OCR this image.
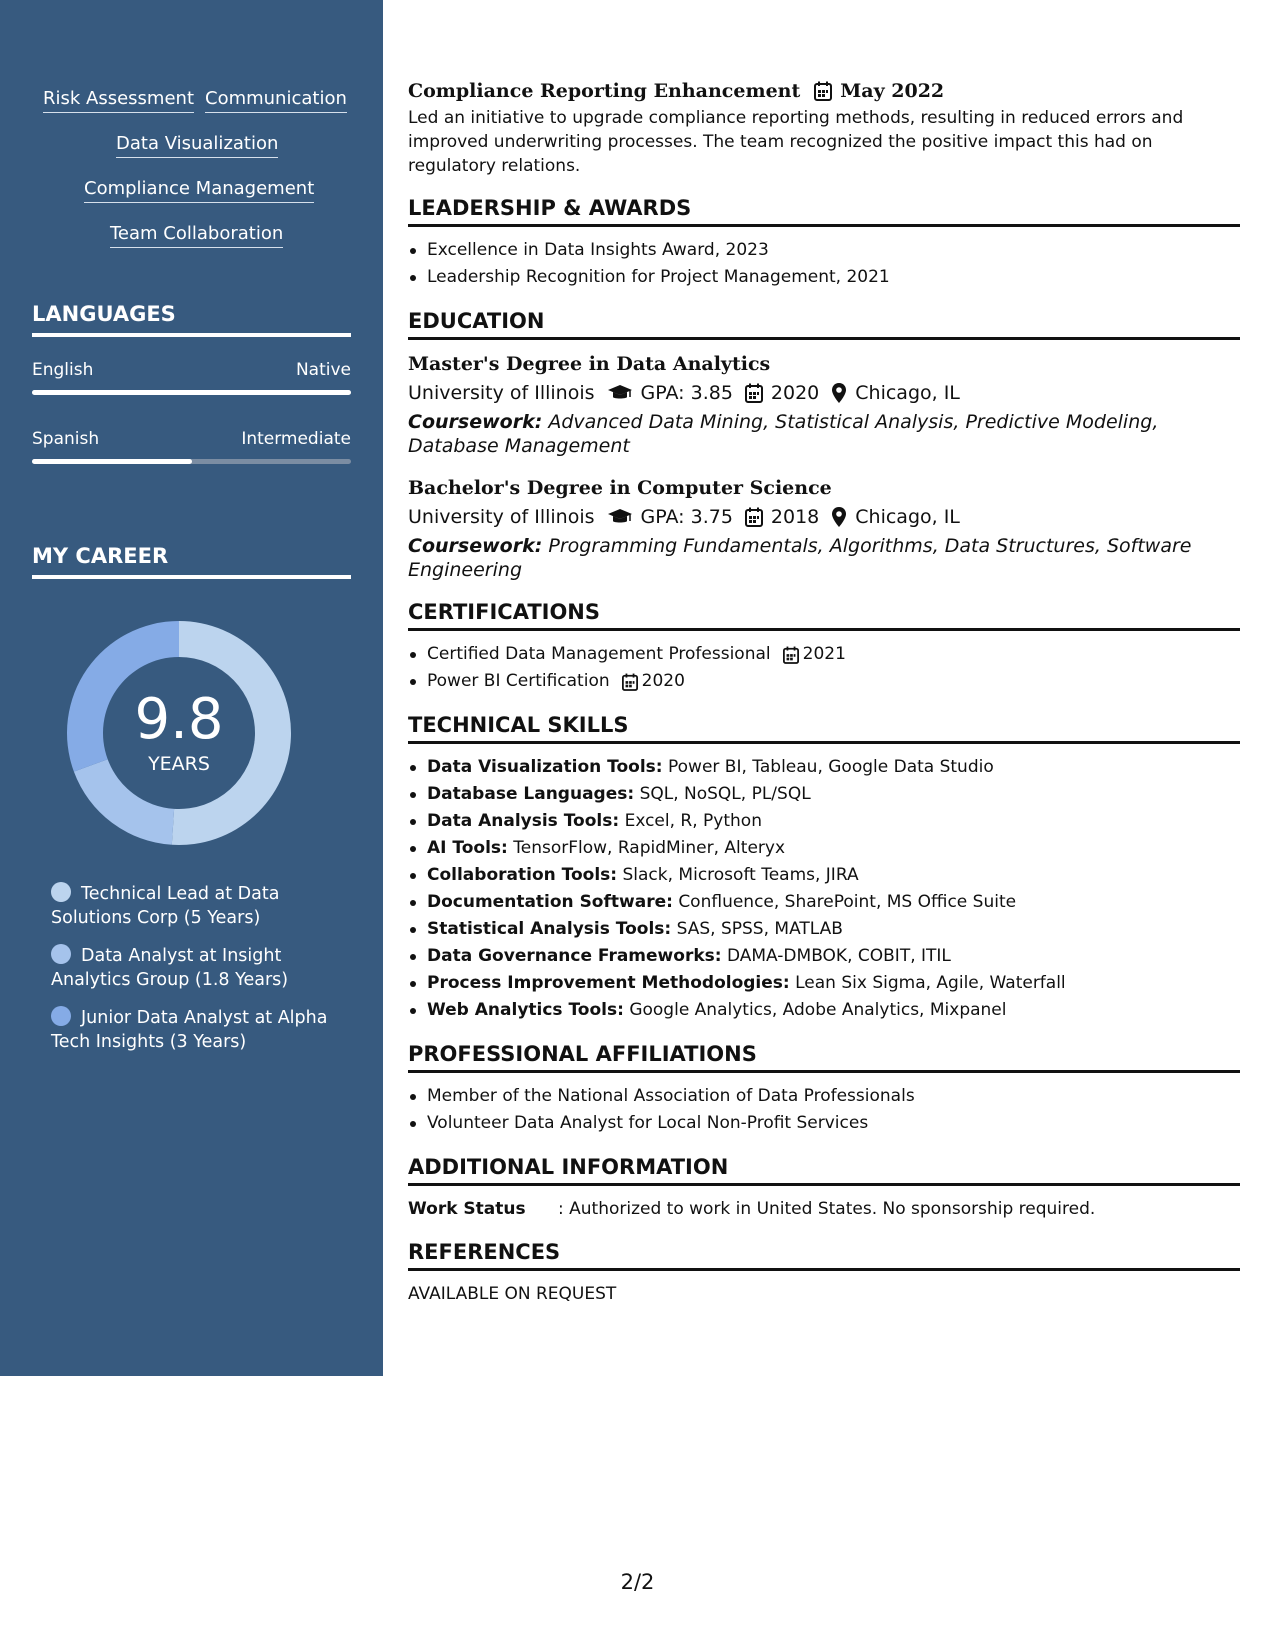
Risk Assessment Communication
Data Visualization
Compliance Management
Team Collaboration
LANGUAGES
English	Native
Spanish	Intermediate
MY CAREER
9.8
YEARS
Technical Lead at Data Solutions Corp (5 Years)
Data Analyst at Insight Analytics Group (1.8 Years)
Junior Data Analyst at Alpha Tech Insights (3 Years)
Compliance Reporting Enhancement May 2022
Led an initiative to upgrade compliance reporting methods, resulting in reduced errors and improved underwriting processes. The team recognized the positive impact this had on regulatory relations.
LEADERSHIP & AWARDS
Excellence in Data Insights Award, 2023
Leadership Recognition for Project Management, 2021
EDUCATION
Master's Degree in Data Analytics
University of Illinois GPA: 3.85 2020 Chicago, IL
Coursework: Advanced Data Mining, Statistical Analysis, Predictive Modeling, Database Management
Bachelor's Degree in Computer Science
University of Illinois GPA: 3.75 2018 Chicago, IL
Coursework: Programming Fundamentals, Algorithms, Data Structures, Software Engineering
CERTIFICATIONS
Certified Data Management Professional 2021
Power BI Certification 2020
TECHNICAL SKILLS
Data Visualization Tools: Power BI, Tableau, Google Data Studio
Database Languages: SQL, NoSQL, PL/SQL
Data Analysis Tools: Excel, R, Python
AI Tools: TensorFlow, RapidMiner, Alteryx
Collaboration Tools: Slack, Microsoft Teams, JIRA
Documentation Software: Confluence, SharePoint, MS Office Suite
Statistical Analysis Tools: SAS, SPSS, MATLAB
Data Governance Frameworks: DAMA-DMBOK, COBIT, ITIL
Process Improvement Methodologies: Lean Six Sigma, Agile, Waterfall
Web Analytics Tools: Google Analytics, Adobe Analytics, Mixpanel
PROFESSIONAL AFFILIATIONS
Member of the National Association of Data Professionals
Volunteer Data Analyst for Local Non-Profit Services
ADDITIONAL INFORMATION
Work Status	: Authorized to work in United States. No sponsorship required.
REFERENCES
AVAILABLE ON REQUEST
2/2
